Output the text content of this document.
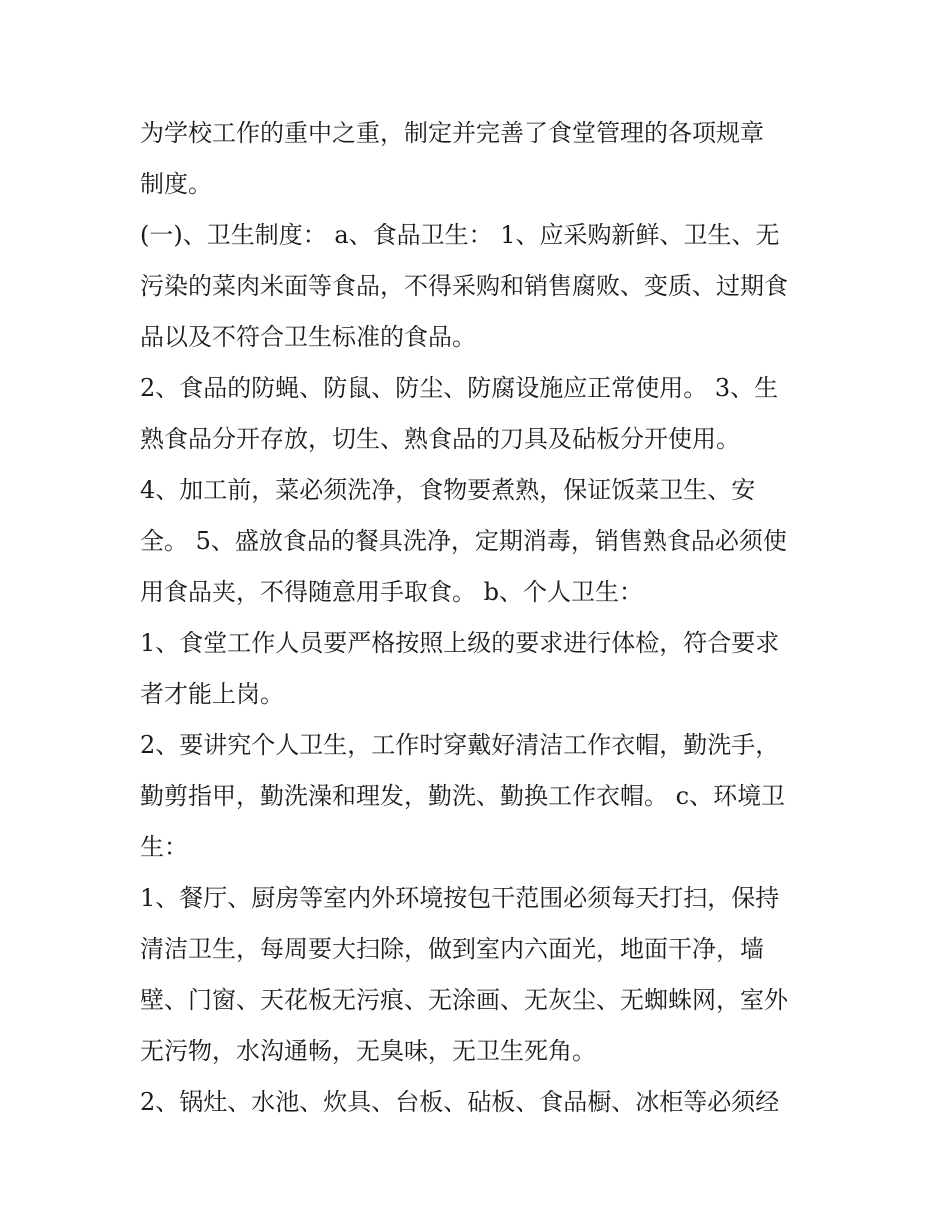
为学校工作的重中之重，制定并完善了食堂管理的各项规章
制度。
(一)、卫生制度： a、食品卫生： 1、应采购新鲜、卫生、无
污染的菜肉米面等食品，不得采购和销售腐败、变质、过期食
品以及不符合卫生标准的食品。
2、食品的防蝇、防鼠、防尘、防腐设施应正常使用。 3、生
熟食品分开存放，切生、熟食品的刀具及砧板分开使用。
4、加工前，菜必须洗净，食物要煮熟，保证饭菜卫生、安
全。 5、盛放食品的餐具洗净，定期消毒，销售熟食品必须使
用食品夹，不得随意用手取食。 b、个人卫生：
1、食堂工作人员要严格按照上级的要求进行体检，符合要求
者才能上岗。
2、要讲究个人卫生，工作时穿戴好清洁工作衣帽，勤洗手，
勤剪指甲，勤洗澡和理发，勤洗、勤换工作衣帽。 c、环境卫
生：
1、餐厅、厨房等室内外环境按包干范围必须每天打扫，保持
清洁卫生，每周要大扫除，做到室内六面光，地面干净，墙
壁、门窗、天花板无污痕、无涂画、无灰尘、无蜘蛛网，室外
无污物，水沟通畅，无臭味，无卫生死角。
2、锅灶、水池、炊具、台板、砧板、食品橱、冰柜等必须经
